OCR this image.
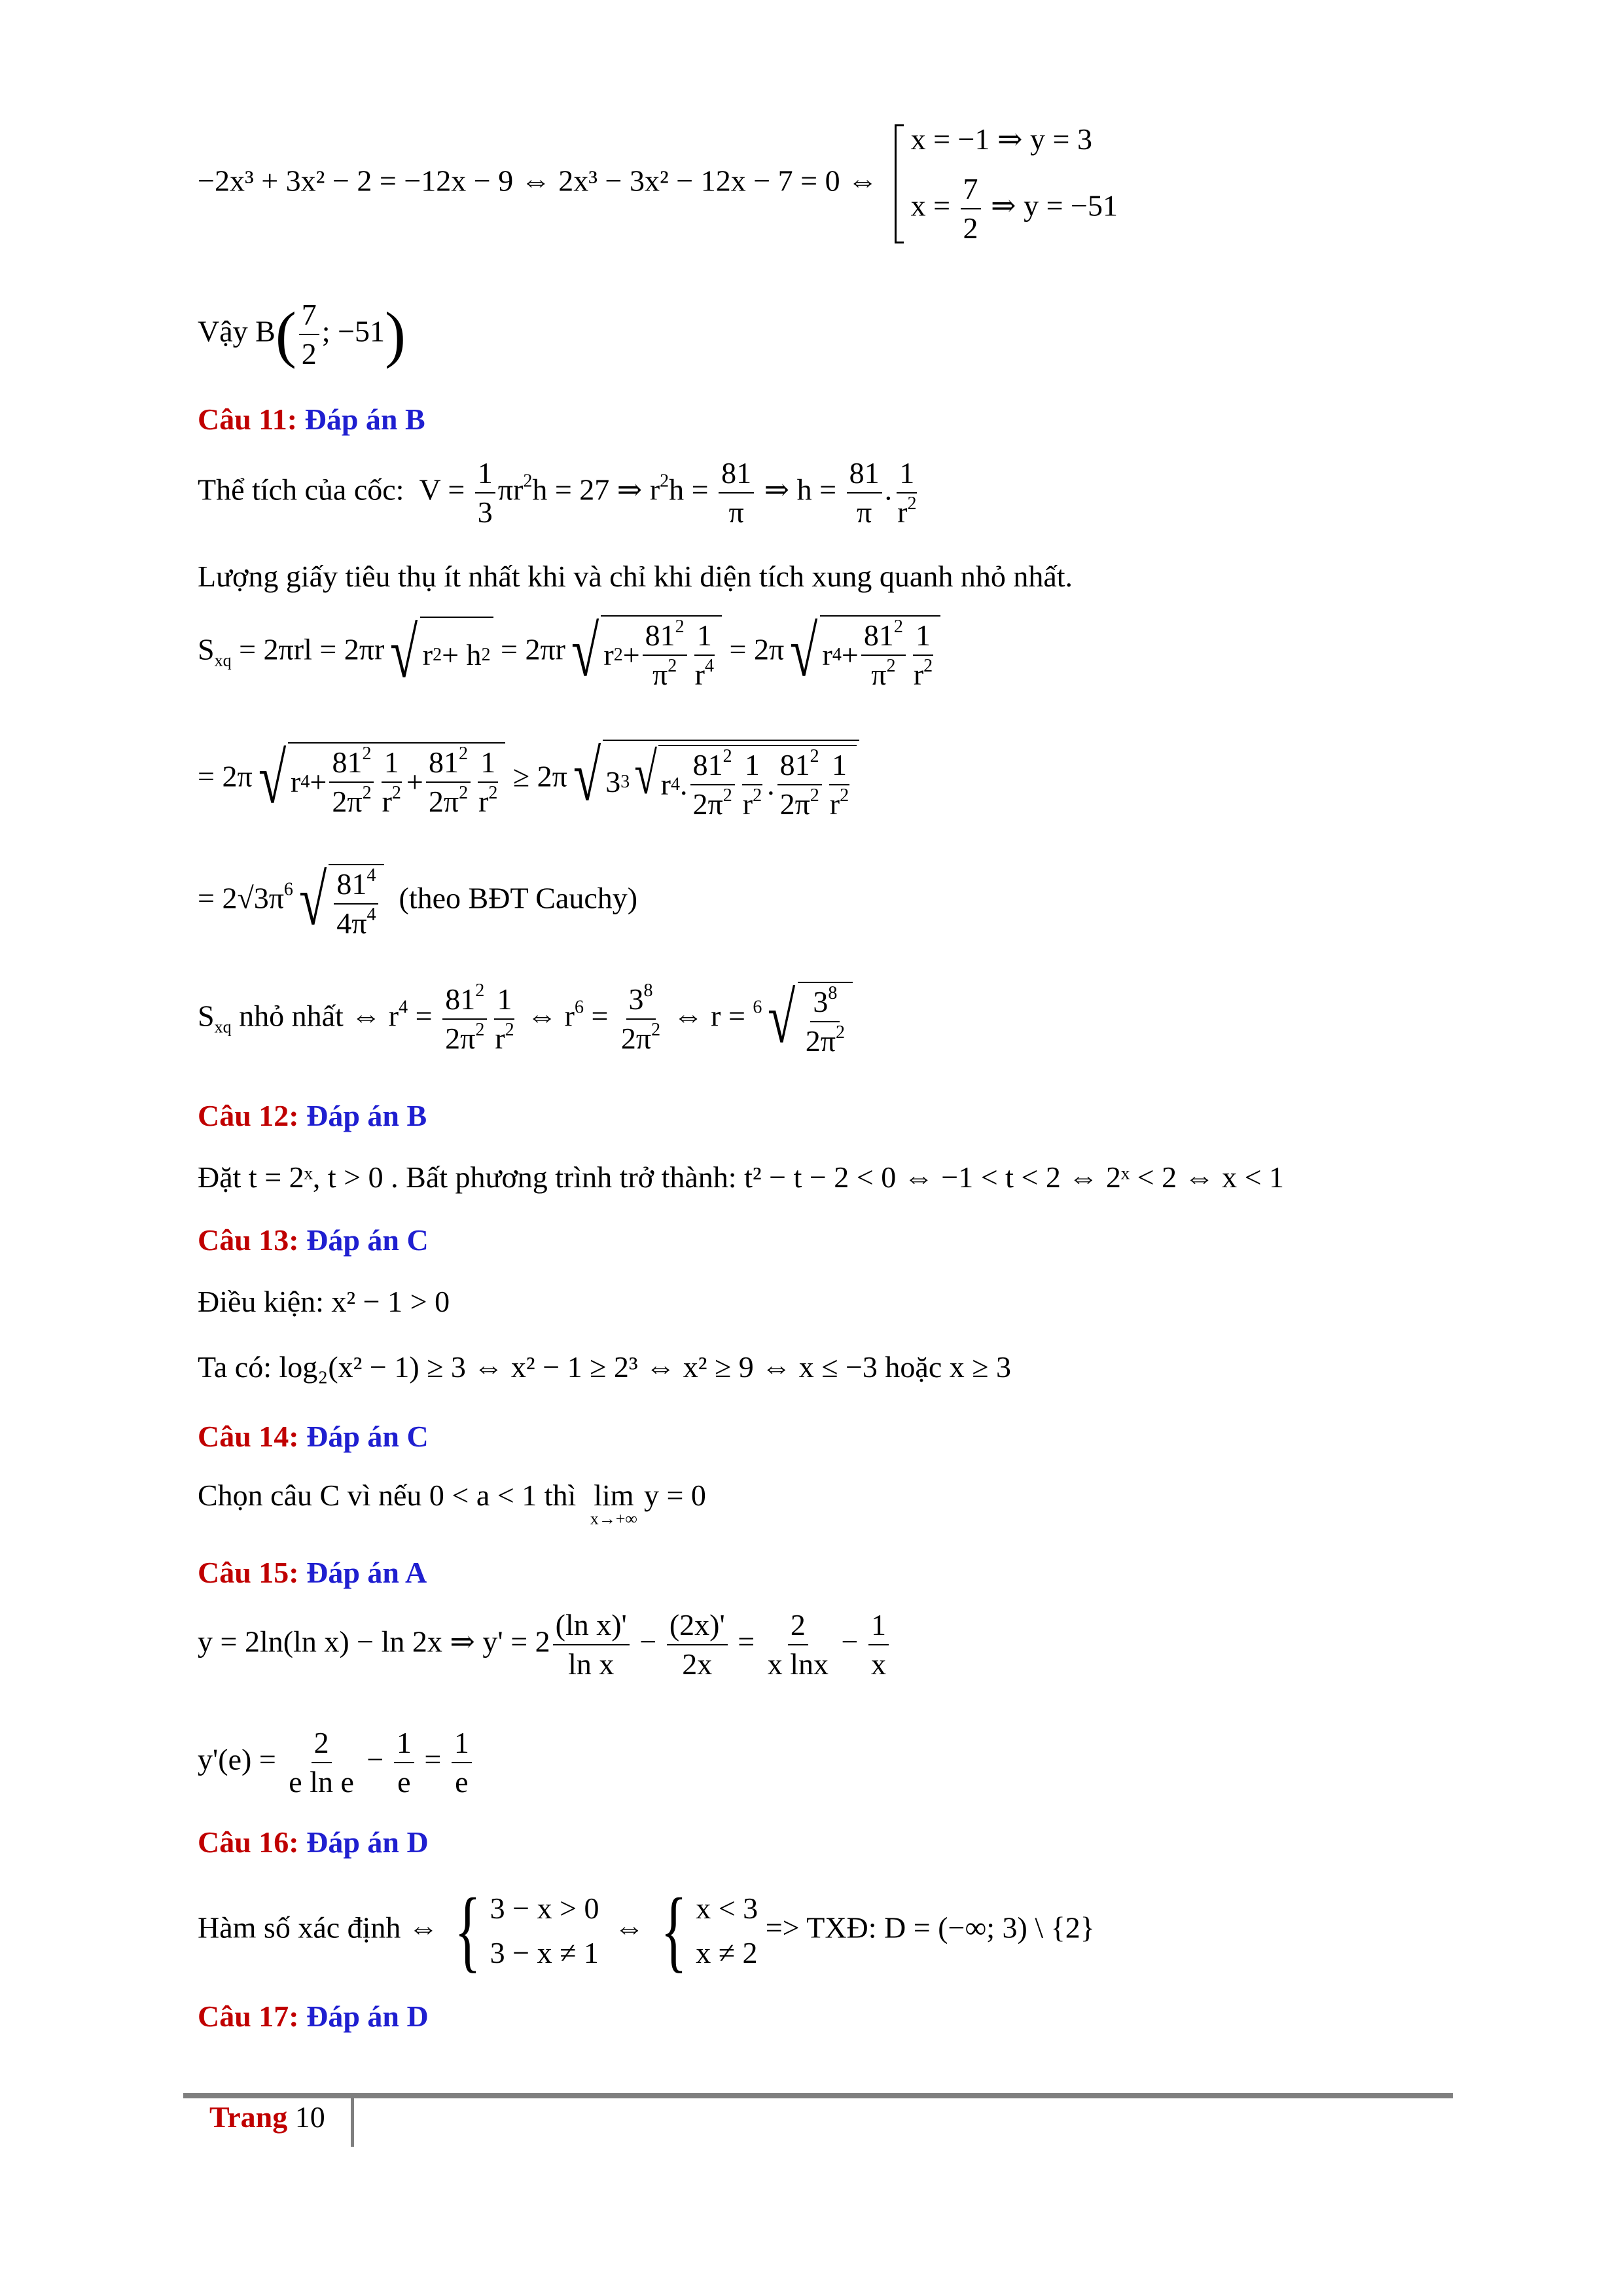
−2x³ + 3x² − 2 = −12x − 9 ⇔ 2x³ − 3x² − 12x − 7 = 0 ⇔
x = −1 ⇒ y = 3
$x = \frac{7}{2}$ ⇒ y = −51
Vậy $B( \frac{7}{2}$ ; −51)
Câu 11: Đáp án B
Thể tích của cốc:  $V = \frac{1}{3} \pi r^2h = 27$ ⇒ $r^2h = \frac{81}{\pi}$ ⇒ $h = \frac{81}{\pi}$ . $\frac{1}{r^2}$
Lượng giấy tiêu thụ ít nhất khi và chỉ khi diện tích xung quanh nhỏ nhất.
$S_{xq} = 2\pi rl = 2\pi r$ √ r 2 + h 2 = 2πr √ r $2 + \frac{81^2}{\pi^2} \frac{1}{r^4} = 2\pi$ √ r $4 + \frac{81^2}{\pi^2} \frac{1}{r^2}$
= 2π √ r $4 + \frac{81^2}{2\pi^2} \frac{1}{r^2} + \frac{81^2}{2\pi^2} \frac{1}{r^2} \ge 2\pi$ √ 3 3 √ r 4 . $\frac{81^2}{2\pi^2} \frac{1}{r^2}$ . $\frac{81^2}{2\pi^2} \frac{1}{r^2}$
= $2√3\pi^6$ √ $\frac{81^4}{4\pi^4}$ (theo BĐT Cauchy)
$S_{xq}$ nhỏ nhất ⇔ $r^4 = \frac{81^2}{2\pi^2} \frac{1}{r^2}$ ⇔ $r^6 = \frac{3^8}{2\pi^2}$ ⇔ r = $^6$ √ $\frac{3^8}{2\pi^2}$
Câu 12: Đáp án B
Đặt t = 2ˣ, t > 0 . Bất phương trình trở thành: t² − t − 2 < 0 ⇔ −1 < t < 2 ⇔ 2ˣ < 2 ⇔ x < 1
Câu 13: Đáp án C
Điều kiện: x² − 1 > 0
Ta có: log₂(x² − 1) ≥ 3 ⇔ x² − 1 ≥ 2³ ⇔ x² ≥ 9 ⇔ x ≤ −3 hoặc x ≥ 3
Câu 14: Đáp án C
Chọn câu C vì nếu 0 < a < 1 thì lim
x→+∞
y = 0
Câu 15: Đáp án A
y = 2ln(ln x) − ln 2x ⇒ $y' = 2 \frac{\text{(ln x)'}}{\text{ln x}} - \frac{(2x)'}{2x} = \frac{2}{\text{x lnx}} - \frac{1}{x}$
$y'(e) = \frac{2}{\text{e ln e}} - \frac{1}{e} = \frac{1}{e}$
Câu 16: Đáp án D
Hàm số xác định ⇔ { 3 − x > 0
3 − x ≠ 1
⇔ { x < 3
x ≠ 2
=> TXĐ: D = (−∞; 3) \ {2}
Câu 17: Đáp án D
Trang 10
